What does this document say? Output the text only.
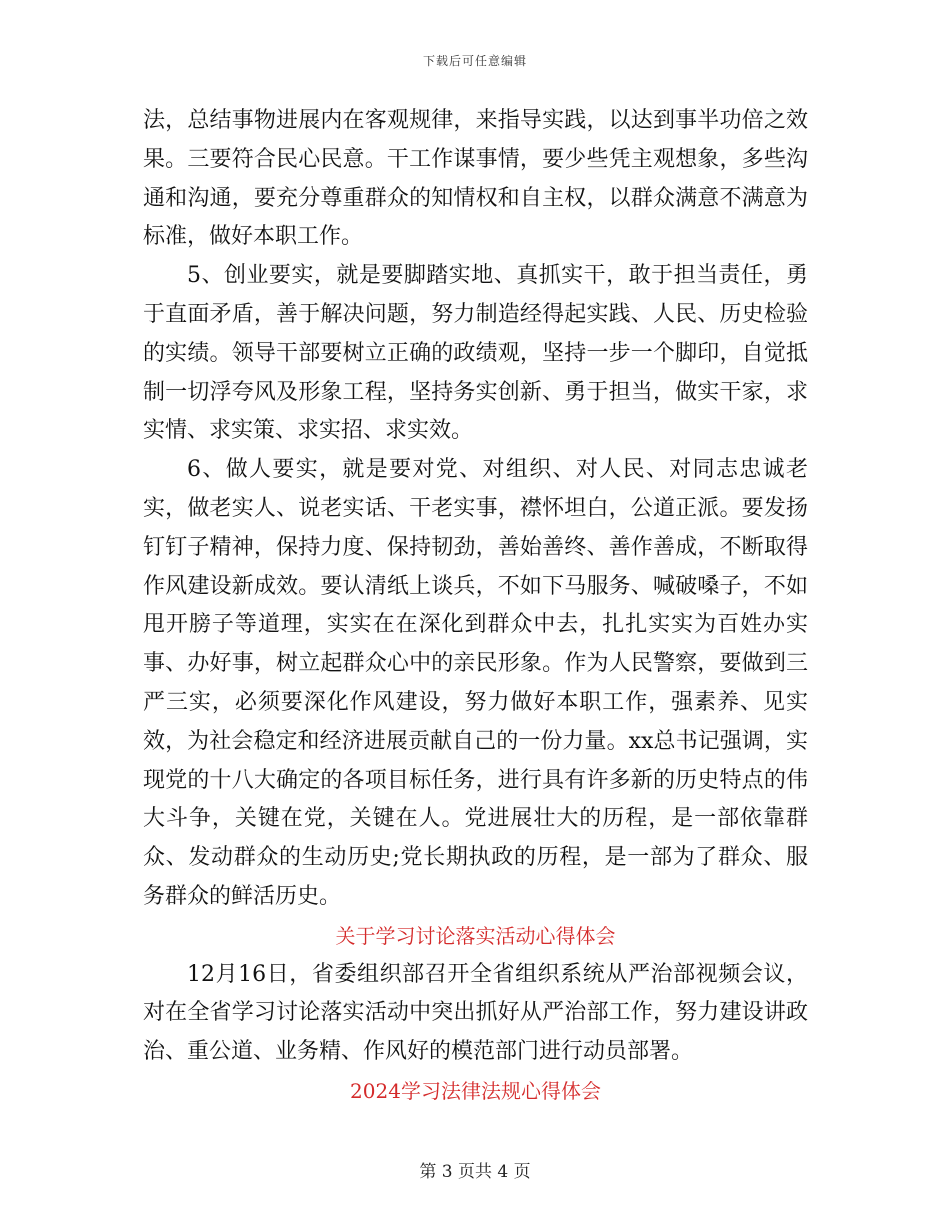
下载后可任意编辑

法，总结事物进展内在客观规律，来指导实践，以达到事半功倍之效果。三要符合民心民意。干工作谋事情，要少些凭主观想象，多些沟通和沟通，要充分尊重群众的知情权和自主权，以群众满意不满意为标准，做好本职工作。

5、创业要实，就是要脚踏实地、真抓实干，敢于担当责任，勇于直面矛盾，善于解决问题，努力制造经得起实践、人民、历史检验的实绩。领导干部要树立正确的政绩观，坚持一步一个脚印，自觉抵制一切浮夸风及形象工程，坚持务实创新、勇于担当，做实干家，求实情、求实策、求实招、求实效。

6、做人要实，就是要对党、对组织、对人民、对同志忠诚老实，做老实人、说老实话、干老实事，襟怀坦白，公道正派。要发扬钉钉子精神，保持力度、保持韧劲，善始善终、善作善成，不断取得作风建设新成效。要认清纸上谈兵，不如下马服务、喊破嗓子，不如甩开膀子等道理，实实在在深化到群众中去，扎扎实实为百姓办实事、办好事，树立起群众心中的亲民形象。作为人民警察，要做到三严三实，必须要深化作风建设，努力做好本职工作，强素养、见实效，为社会稳定和经济进展贡献自己的一份力量。xx总书记强调，实现党的十八大确定的各项目标任务，进行具有许多新的历史特点的伟大斗争，关键在党，关键在人。党进展壮大的历程，是一部依靠群众、发动群众的生动历史;党长期执政的历程，是一部为了群众、服务群众的鲜活历史。

关于学习讨论落实活动心得体会

12月16日，省委组织部召开全省组织系统从严治部视频会议，对在全省学习讨论落实活动中突出抓好从严治部工作，努力建设讲政治、重公道、业务精、作风好的模范部门进行动员部署。

2024学习法律法规心得体会

第 3 页共 4 页
